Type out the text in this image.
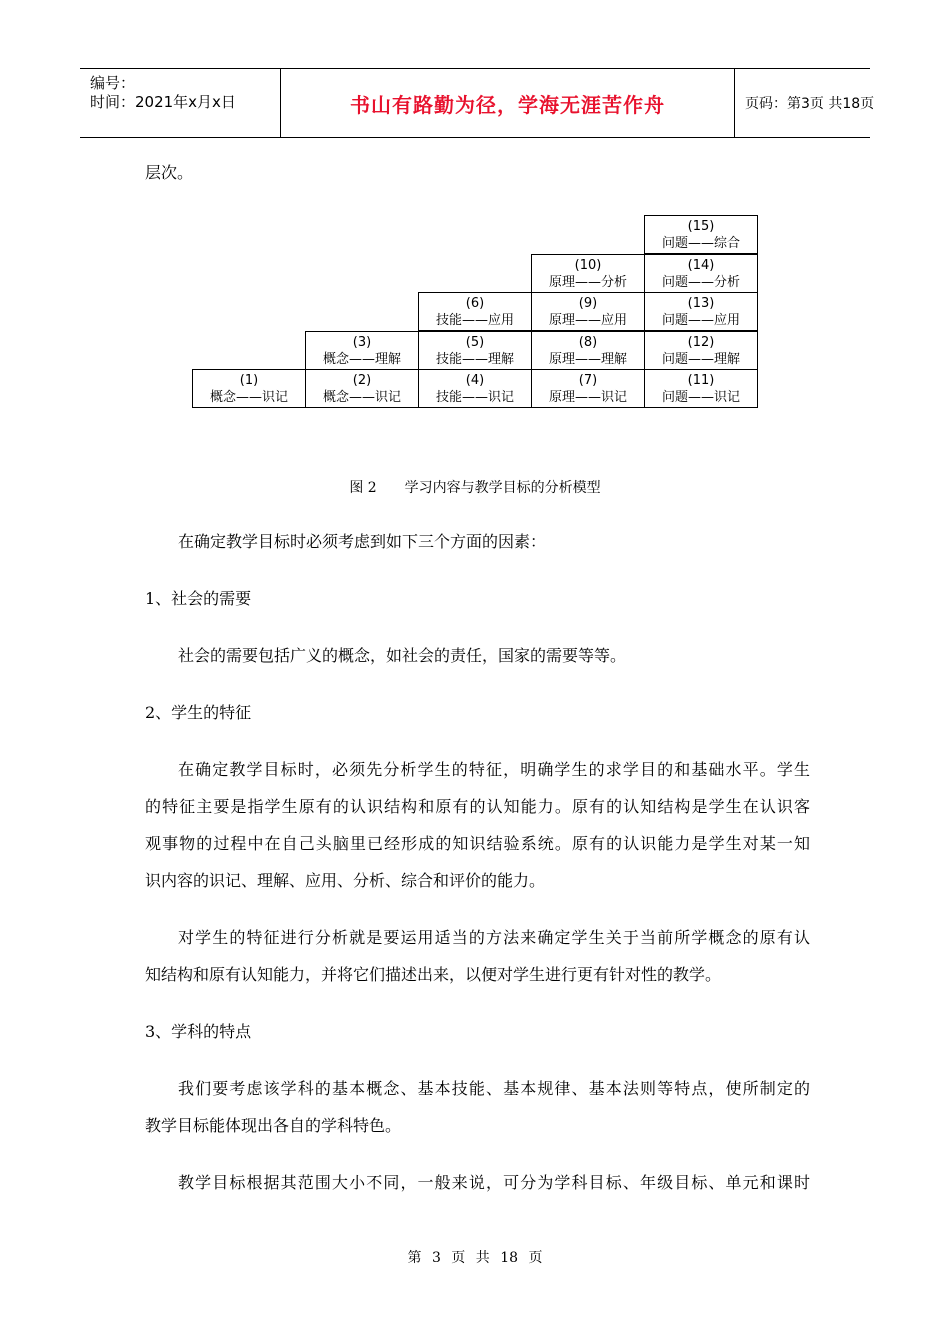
编号：
时间：2021年x月x日	书山有路勤为径，学海无涯苦作舟	页码：第3页 共18页
层次。
(15)
问题——综合
(10)
原理——分析
(14)
问题——分析
(6)
技能——应用
(9)
原理——应用
(13)
问题——应用
(3)
概念——理解
(5)
技能——理解
(8)
原理——理解
(12)
问题——理解
(1)
概念——识记
(2)
概念——识记
(4)
技能——识记
(7)
原理——识记
(11)
问题——识记
图 2 学习内容与教学目标的分析模型
在确定教学目标时必须考虑到如下三个方面的因素：
1、社会的需要
社会的需要包括广义的概念，如社会的责任，国家的需要等等。
2、学生的特征
在确定教学目标时，必须先分析学生的特征，明确学生的求学目的和基础水平。学生
的特征主要是指学生原有的认识结构和原有的认知能力。原有的认知结构是学生在认识客
观事物的过程中在自己头脑里已经形成的知识结验系统。原有的认识能力是学生对某一知
识内容的识记、理解、应用、分析、综合和评价的能力。
对学生的特征进行分析就是要运用适当的方法来确定学生关于当前所学概念的原有认
知结构和原有认知能力，并将它们描述出来，以便对学生进行更有针对性的教学。
3、学科的特点
我们要考虑该学科的基本概念、基本技能、基本规律、基本法则等特点，使所制定的
教学目标能体现出各自的学科特色。
教学目标根据其范围大小不同，一般来说，可分为学科目标、年级目标、单元和课时
第 3 页 共 18 页
